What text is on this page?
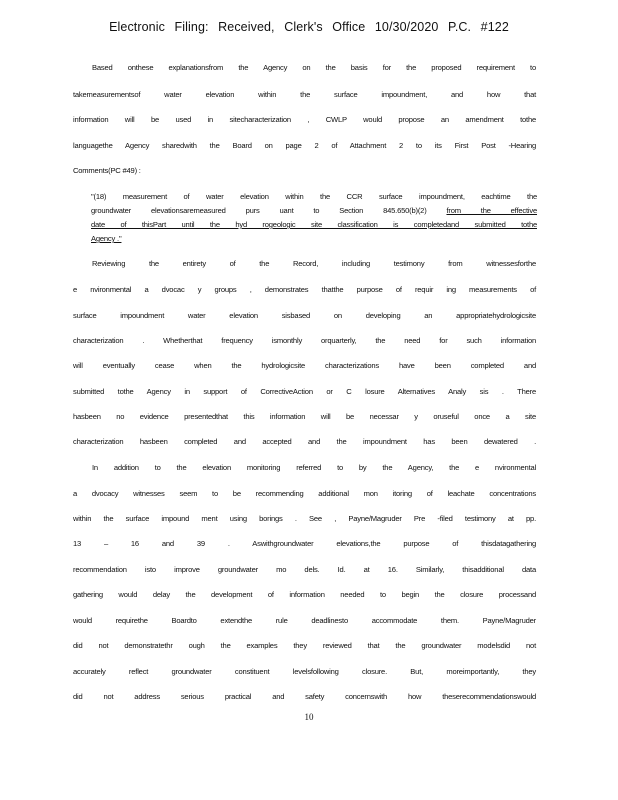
Electronic Filing: Received, Clerk's Office 10/30/2020 P.C. #122
Based onthese explanationsfrom the Agency on the basis for the proposed requirement to
takemeasurementsof water elevation within the surface impoundment, and how that
information will be used in sitecharacterization , CWLP would propose an amendment tothe
languagethe Agency sharedwith the Board on page 2 of Attachment 2 to its First Post -Hearing
Comments(PC #49) :
"(18) measurement of water elevation within the CCR surface impoundment, eachtime the
groundwater elevationsaremeasured purs uant to Section 845.650(b)(2)	from the effective
date of thisPart until the hyd rogeologic site classification is completedand submitted tothe
Agency ."
Reviewing the entirety of the Record, including testimony from witnessesforthe
e nvironmental a dvocac y groups , demonstrates thatthe purpose of requir ing measurements of
surface impoundment water elevation sisbased on developing an appropriatehydrologicsite
characterization . Whetherthat frequency ismonthly orquarterly, the need for such information
will eventually cease when the hydrologicsite characterizations have been completed and
submitted tothe Agency in support of CorrectiveAction or C losure Alternatives Analy sis . There
hasbeen no evidence presentedthat this information will be necessar y oruseful once a site
characterization hasbeen completed and accepted and the impoundment has been dewatered .
In addition to the elevation monitoring referred to by the Agency, the e nvironmental
a dvocacy witnesses seem to be recommending additional mon itoring of leachate concentrations
within the surface impound ment using borings . See , Payne/Magruder Pre -filed testimony at pp.
13 – 16 and 39 . Aswithgroundwater elevations,the purpose of thisdatagathering
recommendation isto improve groundwater mo dels. Id. at 16. Similarly, thisadditional data
gathering would delay the development of information needed to begin the closure processand
would requirethe Boardto extendthe rule deadlinesto accommodate them. Payne/Magruder
did not demonstratethr ough the examples they reviewed that the groundwater modelsdid not
accurately reflect groundwater constituent levelsfollowing closure. But, moreimportantly, they
did not address serious practical and safety concernswith how theserecommendationswould
10
